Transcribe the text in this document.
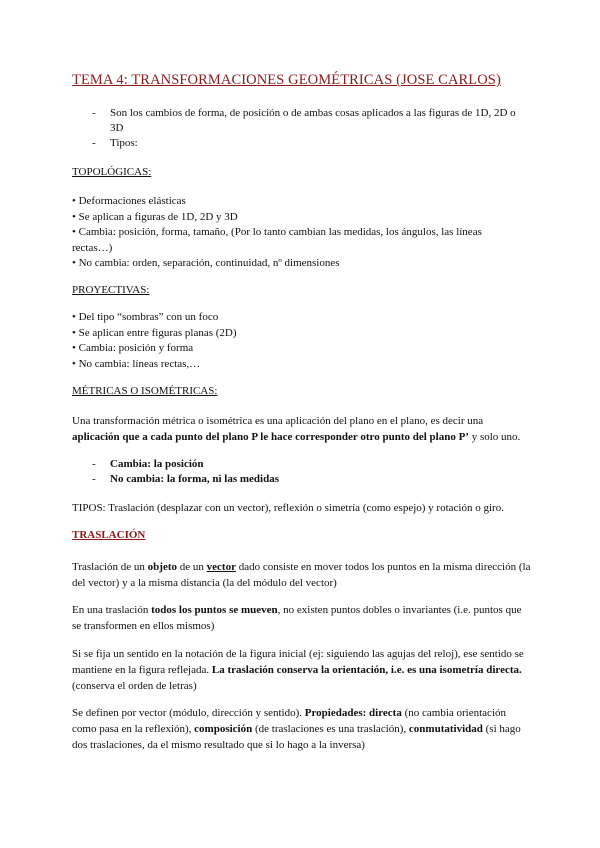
TEMA 4: TRANSFORMACIONES GEOMÉTRICAS (JOSE CARLOS)
- Son los cambios de forma, de posición o de ambas cosas aplicados a las figuras de 1D, 2D o 3D
- Tipos:
TOPOLÓGICAS:
• Deformaciones elásticas
• Se aplican a figuras de 1D, 2D y 3D
• Cambia: posición, forma, tamaño, (Por lo tanto cambian las medidas, los ángulos, las líneas rectas…)
• No cambia: orden, separación, continuidad, nº dimensiones
PROYECTIVAS:
• Del tipo “sombras” con un foco
• Se aplican entre figuras planas (2D)
• Cambia: posición y forma
• No cambia: líneas rectas,…
MÉTRICAS O ISOMÉTRICAS:
Una transformación métrica o isométrica es una aplicación del plano en el plano, es decir una aplicación que a cada punto del plano P le hace corresponder otro punto del plano P’ y solo uno.
- Cambia: la posición
- No cambia: la forma, ni las medidas
TIPOS: Traslación (desplazar con un vector), reflexión o simetría (como espejo) y rotación o giro.
TRASLACIÓN
Traslación de un objeto de un vector dado consiste en mover todos los puntos en la misma dirección (la del vector) y a la misma distancia (la del módulo del vector)
En una traslación todos los puntos se mueven, no existen puntos dobles o invariantes (i.e. puntos que se transformen en ellos mismos)
Si se fija un sentido en la notación de la figura inicial (ej: siguiendo las agujas del reloj), ese sentido se mantiene en la figura reflejada. La traslación conserva la orientación, i.e. es una isometría directa. (conserva el orden de letras)
Se definen por vector (módulo, dirección y sentido). Propiedades: directa (no cambia orientación como pasa en la reflexión), composición (de traslaciones es una traslación), conmutatividad (si hago dos traslaciones, da el mismo resultado que si lo hago a la inversa)
